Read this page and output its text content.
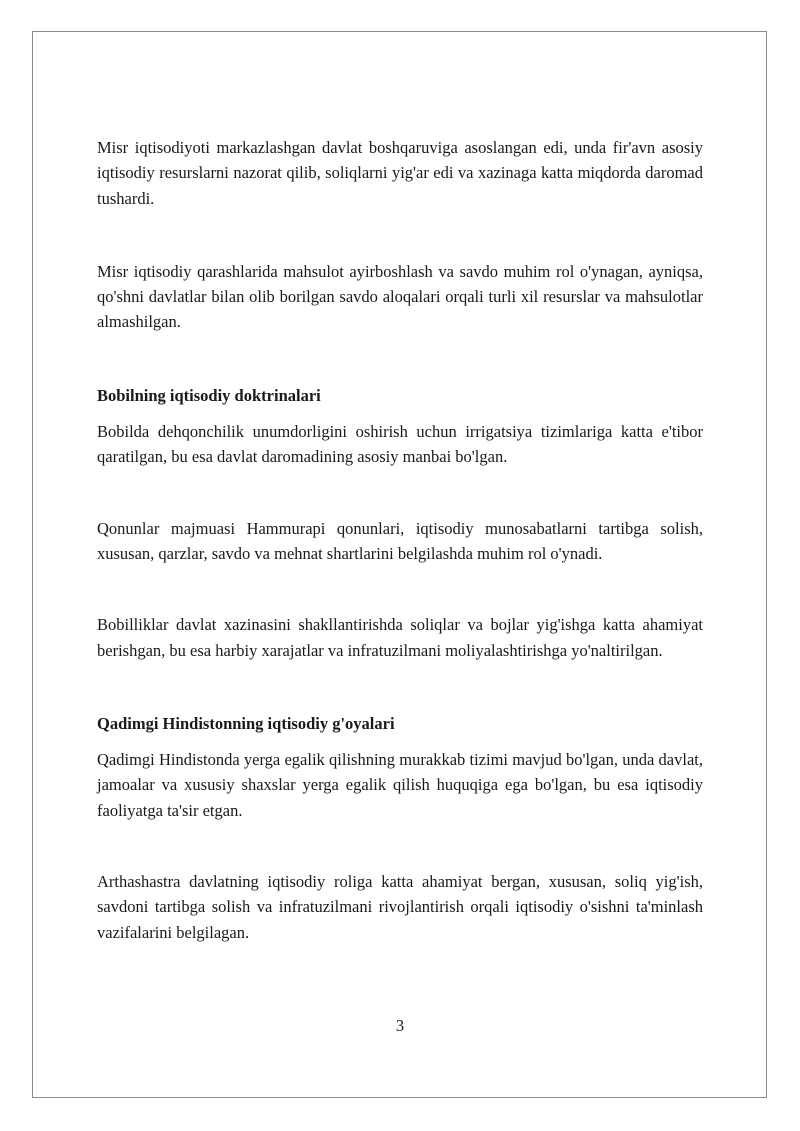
Misr iqtisodiyoti markazlashgan davlat boshqaruviga asoslangan edi, unda fir'avn asosiy iqtisodiy resurslarni nazorat qilib, soliqlarni yig'ar edi va xazinaga katta miqdorda daromad tushardi.

Misr iqtisodiy qarashlarida mahsulot ayirboshlash va savdo muhim rol o'ynagan, ayniqsa, qo'shni davlatlar bilan olib borilgan savdo aloqalari orqali turli xil resurslar va mahsulotlar almashilgan.

Bobilning iqtisodiy doktrinalari

Bobilda dehqonchilik unumdorligini oshirish uchun irrigatsiya tizimlariga katta e'tibor qaratilgan, bu esa davlat daromadining asosiy manbai bo'lgan.

Qonunlar majmuasi Hammurapi qonunlari, iqtisodiy munosabatlarni tartibga solish, xususan, qarzlar, savdo va mehnat shartlarini belgilashda muhim rol o'ynadi.

Bobilliklar davlat xazinasini shakllantirishda soliqlar va bojlar yig'ishga katta ahamiyat berishgan, bu esa harbiy xarajatlar va infratuzilmani moliyalashtirishga yo'naltirilgan.

Qadimgi Hindistonning iqtisodiy g'oyalari

Qadimgi Hindistonda yerga egalik qilishning murakkab tizimi mavjud bo'lgan, unda davlat, jamoalar va xususiy shaxslar yerga egalik qilish huquqiga ega bo'lgan, bu esa iqtisodiy faoliyatga ta'sir etgan.

Arthashastra davlatning iqtisodiy roliga katta ahamiyat bergan, xususan, soliq yig'ish, savdoni tartibga solish va infratuzilmani rivojlantirish orqali iqtisodiy o'sishni ta'minlash vazifalarini belgilagan.

3
